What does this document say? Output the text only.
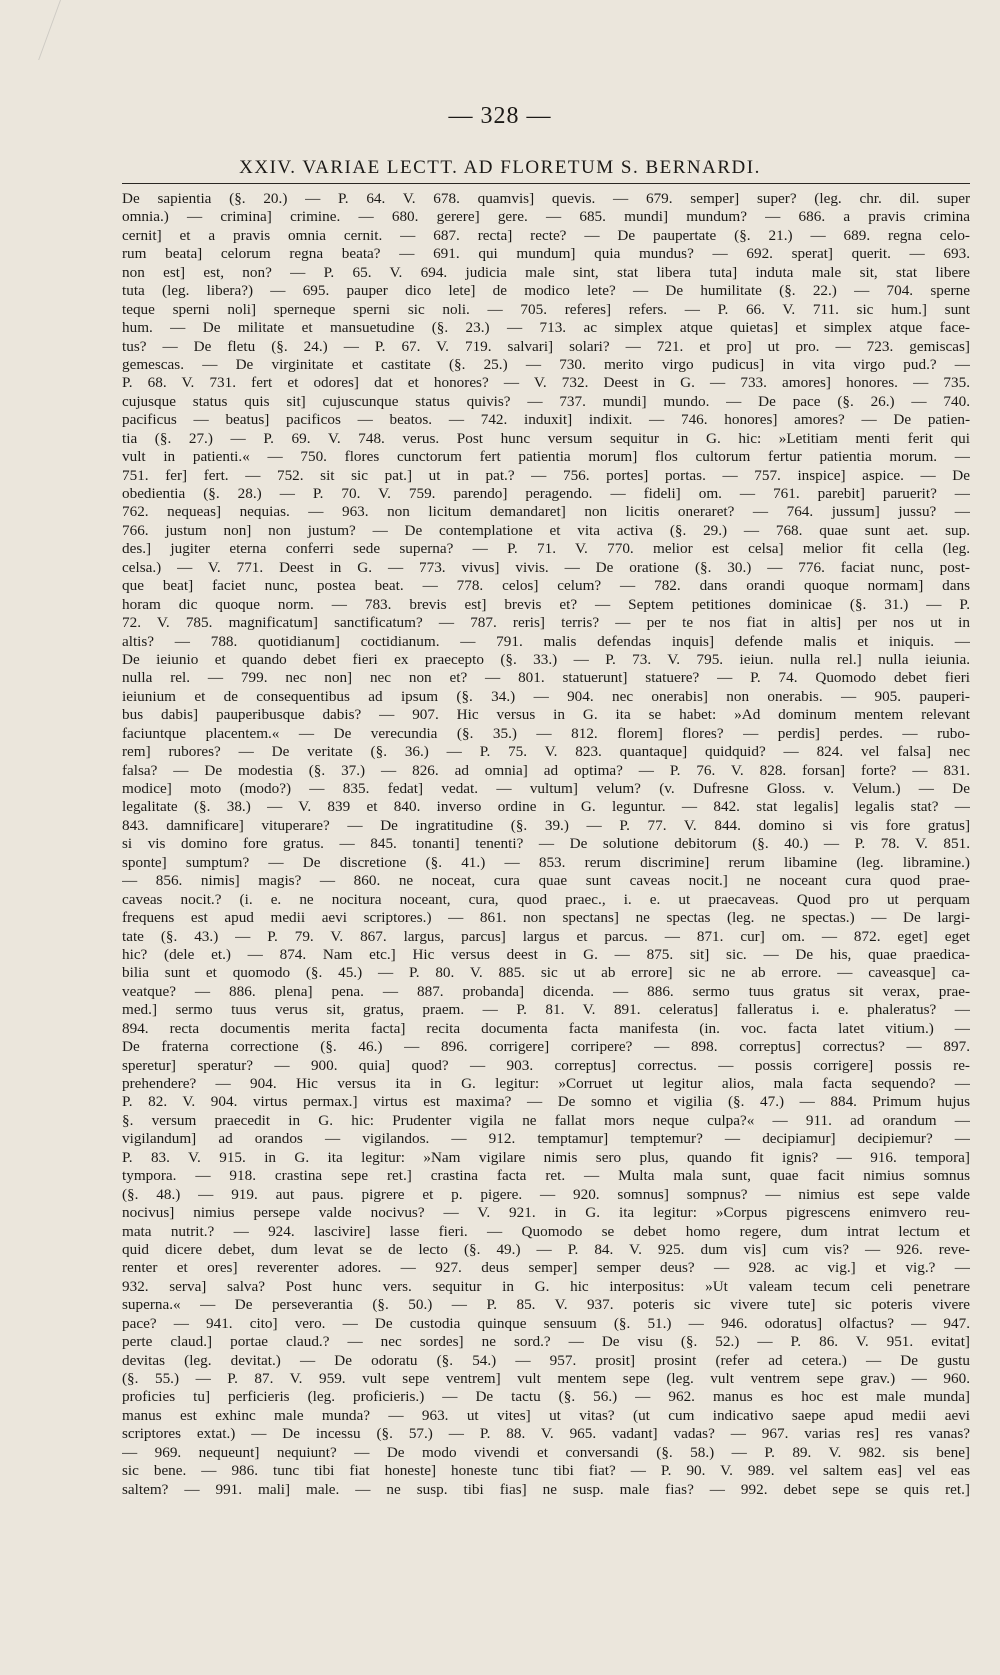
— 328 —
XXIV. VARIAE LECTT. AD FLORETUM S. BERNARDI.
De sapientia (§. 20.) — P. 64. V. 678. quamvis] quevis. — 679. semper] super? (leg. chr. dil. super
omnia.) — crimina] crimine. — 680. gerere] gere. — 685. mundi] mundum? — 686. a pravis crimina
cernit] et a pravis omnia cernit. — 687. recta] recte? — De paupertate (§. 21.) — 689. regna celo-
rum beata] celorum regna beata? — 691. qui mundum] quia mundus? — 692. sperat] querit. — 693.
non est] est, non? — P. 65. V. 694. judicia male sint, stat libera tuta] induta male sit, stat libere
tuta (leg. libera?) — 695. pauper dico lete] de modico lete? — De humilitate (§. 22.) — 704. sperne
teque sperni noli] sperneque sperni sic noli. — 705. referes] refers. — P. 66. V. 711. sic hum.] sunt
hum. — De militate et mansuetudine (§. 23.) — 713. ac simplex atque quietas] et simplex atque face-
tus? — De fletu (§. 24.) — P. 67. V. 719. salvari] solari? — 721. et pro] ut pro. — 723. gemiscas]
gemescas. — De virginitate et castitate (§. 25.) — 730. merito virgo pudicus] in vita virgo pud.? —
P. 68. V. 731. fert et odores] dat et honores? — V. 732. Deest in G. — 733. amores] honores. — 735.
cujusque status quis sit] cujuscunque status quivis? — 737. mundi] mundo. — De pace (§. 26.) — 740.
pacificus — beatus] pacificos — beatos. — 742. induxit] indixit. — 746. honores] amores? — De patien-
tia (§. 27.) — P. 69. V. 748. verus. Post hunc versum sequitur in G. hic: »Letitiam menti ferit qui
vult in patienti.« — 750. flores cunctorum fert patientia morum] flos cultorum fertur patientia morum. —
751. fer] fert. — 752. sit sic pat.] ut in pat.? — 756. portes] portas. — 757. inspice] aspice. — De
obedientia (§. 28.) — P. 70. V. 759. parendo] peragendo. — fideli] om. — 761. parebit] paruerit? —
762. nequeas] nequias. — 963. non licitum demandaret] non licitis oneraret? — 764. jussum] jussu? —
766. justum non] non justum? — De contemplatione et vita activa (§. 29.) — 768. quae sunt aet. sup.
des.] jugiter eterna conferri sede superna? — P. 71. V. 770. melior est celsa] melior fit cella (leg.
celsa.) — V. 771. Deest in G. — 773. vivus] vivis. — De oratione (§. 30.) — 776. faciat nunc, post-
que beat] faciet nunc, postea beat. — 778. celos] celum? — 782. dans orandi quoque normam] dans
horam dic quoque norm. — 783. brevis est] brevis et? — Septem petitiones dominicae (§. 31.) — P.
72. V. 785. magnificatum] sanctificatum? — 787. reris] terris? — per te nos fiat in altis] per nos ut in
altis? — 788. quotidianum] coctidianum. — 791. malis defendas inquis] defende malis et iniquis. —
De ieiunio et quando debet fieri ex praecepto (§. 33.) — P. 73. V. 795. ieiun. nulla rel.] nulla ieiunia.
nulla rel. — 799. nec non] nec non et? — 801. statuerunt] statuere? — P. 74. Quomodo debet fieri
ieiunium et de consequentibus ad ipsum (§. 34.) — 904. nec onerabis] non onerabis. — 905. pauperi-
bus dabis] pauperibusque dabis? — 907. Hic versus in G. ita se habet: »Ad dominum mentem relevant
faciuntque placentem.« — De verecundia (§. 35.) — 812. florem] flores? — perdis] perdes. — rubo-
rem] rubores? — De veritate (§. 36.) — P. 75. V. 823. quantaque] quidquid? — 824. vel falsa] nec
falsa? — De modestia (§. 37.) — 826. ad omnia] ad optima? — P. 76. V. 828. forsan] forte? — 831.
modice] moto (modo?) — 835. fedat] vedat. — vultum] velum? (v. Dufresne Gloss. v. Velum.) — De
legalitate (§. 38.) — V. 839 et 840. inverso ordine in G. leguntur. — 842. stat legalis] legalis stat? —
843. damnificare] vituperare? — De ingratitudine (§. 39.) — P. 77. V. 844. domino si vis fore gratus]
si vis domino fore gratus. — 845. tonanti] tenenti? — De solutione debitorum (§. 40.) — P. 78. V. 851.
sponte] sumptum? — De discretione (§. 41.) — 853. rerum discrimine] rerum libamine (leg. libramine.)
— 856. nimis] magis? — 860. ne noceat, cura quae sunt caveas nocit.] ne noceant cura quod prae-
caveas nocit.? (i. e. ne nocitura noceant, cura, quod praec., i. e. ut praecaveas. Quod pro ut perquam
frequens est apud medii aevi scriptores.) — 861. non spectans] ne spectas (leg. ne spectas.) — De largi-
tate (§. 43.) — P. 79. V. 867. largus, parcus] largus et parcus. — 871. cur] om. — 872. eget] eget
hic? (dele et.) — 874. Nam etc.] Hic versus deest in G. — 875. sit] sic. — De his, quae praedica-
bilia sunt et quomodo (§. 45.) — P. 80. V. 885. sic ut ab errore] sic ne ab errore. — caveasque] ca-
veatque? — 886. plena] pena. — 887. probanda] dicenda. — 886. sermo tuus gratus sit verax, prae-
med.] sermo tuus verus sit, gratus, praem. — P. 81. V. 891. celeratus] falleratus i. e. phaleratus? —
894. recta documentis merita facta] recita documenta facta manifesta (in. voc. facta latet vitium.) —
De fraterna correctione (§. 46.) — 896. corrigere] corripere? — 898. correptus] correctus? — 897.
speretur] speratur? — 900. quia] quod? — 903. correptus] correctus. — possis corrigere] possis re-
prehendere? — 904. Hic versus ita in G. legitur: »Corruet ut legitur alios, mala facta sequendo? —
P. 82. V. 904. virtus permax.] virtus est maxima? — De somno et vigilia (§. 47.) — 884. Primum hujus
§. versum praecedit in G. hic: Prudenter vigila ne fallat mors neque culpa?« — 911. ad orandum —
vigilandum] ad orandos — vigilandos. — 912. temptamur] temptemur? — decipiamur] decipiemur? —
P. 83. V. 915. in G. ita legitur: »Nam vigilare nimis sero plus, quando fit ignis? — 916. tempora]
tympora. — 918. crastina sepe ret.] crastina facta ret. — Multa mala sunt, quae facit nimius somnus
(§. 48.) — 919. aut paus. pigrere et p. pigere. — 920. somnus] sompnus? — nimius est sepe valde
nocivus] nimius persepe valde nocivus? — V. 921. in G. ita legitur: »Corpus pigrescens enimvero reu-
mata nutrit.? — 924. lascivire] lasse fieri. — Quomodo se debet homo regere, dum intrat lectum et
quid dicere debet, dum levat se de lecto (§. 49.) — P. 84. V. 925. dum vis] cum vis? — 926. reve-
renter et ores] reverenter adores. — 927. deus semper] semper deus? — 928. ac vig.] et vig.? —
932. serva] salva? Post hunc vers. sequitur in G. hic interpositus: »Ut valeam tecum celi penetrare
superna.« — De perseverantia (§. 50.) — P. 85. V. 937. poteris sic vivere tute] sic poteris vivere
pace? — 941. cito] vero. — De custodia quinque sensuum (§. 51.) — 946. odoratus] olfactus? — 947.
perte claud.] portae claud.? — nec sordes] ne sord.? — De visu (§. 52.) — P. 86. V. 951. evitat]
devitas (leg. devitat.) — De odoratu (§. 54.) — 957. prosit] prosint (refer ad cetera.) — De gustu
(§. 55.) — P. 87. V. 959. vult sepe ventrem] vult mentem sepe (leg. vult ventrem sepe grav.) — 960.
proficies tu] perficieris (leg. proficieris.) — De tactu (§. 56.) — 962. manus es hoc est male munda]
manus est exhinc male munda? — 963. ut vites] ut vitas? (ut cum indicativo saepe apud medii aevi
scriptores extat.) — De incessu (§. 57.) — P. 88. V. 965. vadant] vadas? — 967. varias res] res vanas?
— 969. nequeunt] nequiunt? — De modo vivendi et conversandi (§. 58.) — P. 89. V. 982. sis bene]
sic bene. — 986. tunc tibi fiat honeste] honeste tunc tibi fiat? — P. 90. V. 989. vel saltem eas] vel eas
saltem? — 991. mali] male. — ne susp. tibi fias] ne susp. male fias? — 992. debet sepe se quis ret.]
